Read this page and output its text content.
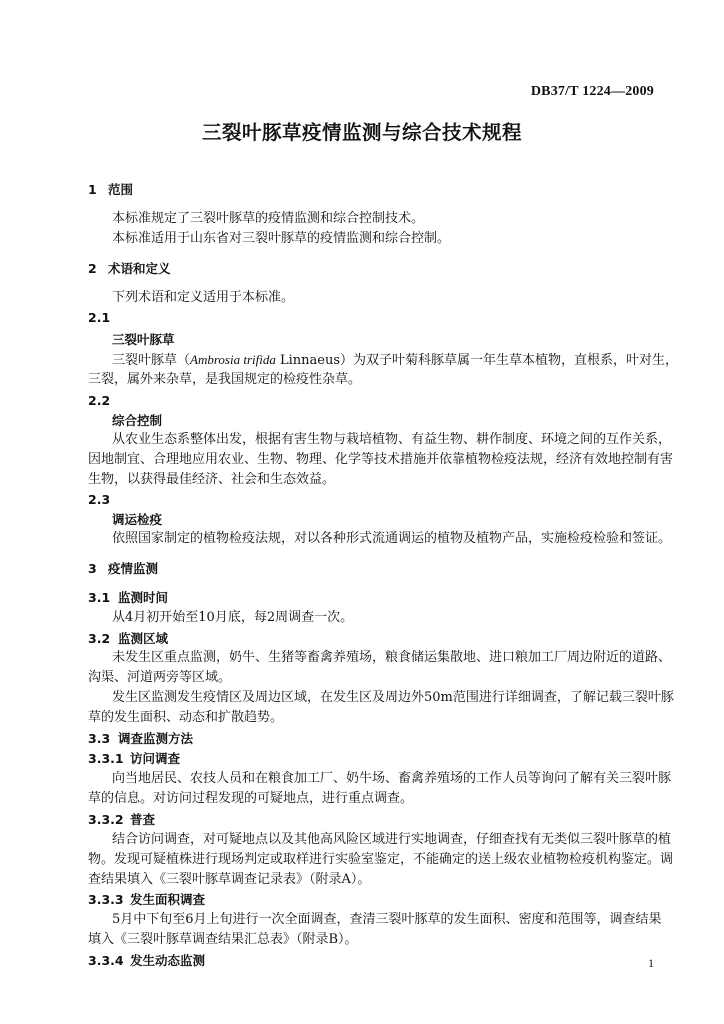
DB37/T 1224—2009
三裂叶豚草疫情监测与综合技术规程
1 范围
本标准规定了三裂叶豚草的疫情监测和综合控制技术。
本标准适用于山东省对三裂叶豚草的疫情监测和综合控制。
2 术语和定义
下列术语和定义适用于本标准。
2.1
三裂叶豚草
三裂叶豚草（Ambrosia trifida Linnaeus）为双子叶菊科豚草属一年生草本植物，直根系，叶对生，
三裂，属外来杂草，是我国规定的检疫性杂草。
2.2
综合控制
从农业生态系整体出发，根据有害生物与栽培植物、有益生物、耕作制度、环境之间的互作关系，
因地制宜、合理地应用农业、生物、物理、化学等技术措施并依靠植物检疫法规，经济有效地控制有害
生物，以获得最佳经济、社会和生态效益。
2.3
调运检疫
依照国家制定的植物检疫法规，对以各种形式流通调运的植物及植物产品，实施检疫检验和签证。
3 疫情监测
3.1 监测时间
从4月初开始至10月底，每2周调查一次。
3.2 监测区域
未发生区重点监测，奶牛、生猪等畜禽养殖场，粮食储运集散地、进口粮加工厂周边附近的道路、
沟渠、河道两旁等区域。
发生区监测发生疫情区及周边区域，在发生区及周边外50m范围进行详细调查，了解记载三裂叶豚
草的发生面积、动态和扩散趋势。
3.3 调查监测方法
3.3.1 访问调查
向当地居民、农技人员和在粮食加工厂、奶牛场、畜禽养殖场的工作人员等询问了解有关三裂叶豚
草的信息。对访问过程发现的可疑地点，进行重点调查。
3.3.2 普查
结合访问调查，对可疑地点以及其他高风险区域进行实地调查，仔细查找有无类似三裂叶豚草的植
物。发现可疑植株进行现场判定或取样进行实验室鉴定，不能确定的送上级农业植物检疫机构鉴定。调
查结果填入《三裂叶豚草调查记录表》（附录A）。
3.3.3 发生面积调查
5月中下旬至6月上旬进行一次全面调查，查清三裂叶豚草的发生面积、密度和范围等，调查结果
填入《三裂叶豚草调查结果汇总表》（附录B）。
3.3.4 发生动态监测	1
